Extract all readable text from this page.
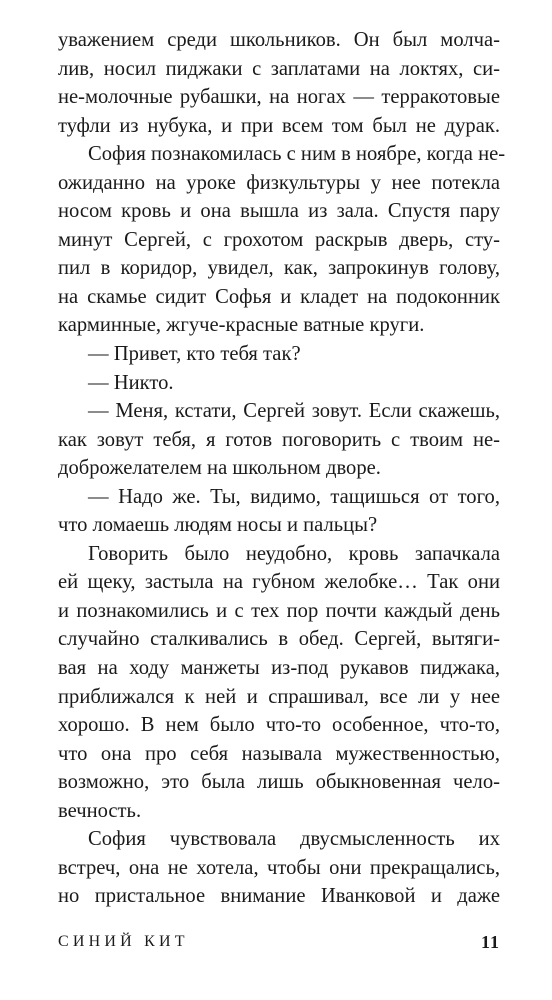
уважением среди школьников. Он был молча-
лив, носил пиджаки с заплатами на локтях, си-
не-молочные рубашки, на ногах — терракотовые
туфли из нубука, и при всем том был не дурак.
София познакомилась с ним в ноябре, когда не-
ожиданно на уроке физкультуры у нее потекла
носом кровь и она вышла из зала. Спустя пару
минут Сергей, с грохотом раскрыв дверь, сту-
пил в коридор, увидел, как, запрокинув голову,
на скамье сидит Софья и кладет на подоконник
карминные, жгуче-красные ватные круги.
— Привет, кто тебя так?
— Никто.
— Меня, кстати, Сергей зовут. Если скажешь,
как зовут тебя, я готов поговорить с твоим не-
доброжелателем на школьном дворе.
— Надо же. Ты, видимо, тащишься от того,
что ломаешь людям носы и пальцы?
Говорить было неудобно, кровь запачкала
ей щеку, застыла на губном желобке… Так они
и познакомились и с тех пор почти каждый день
случайно сталкивались в обед. Сергей, вытяги-
вая на ходу манжеты из-под рукавов пиджака,
приближался к ней и спрашивал, все ли у нее
хорошо. В нем было что-то особенное, что-то,
что она про себя называла мужественностью,
возможно, это была лишь обыкновенная чело-
вечность.
София чувствовала двусмысленность их
встреч, она не хотела, чтобы они прекращались,
но пристальное внимание Иванковой и даже
СИНИЙ КИТ	11
